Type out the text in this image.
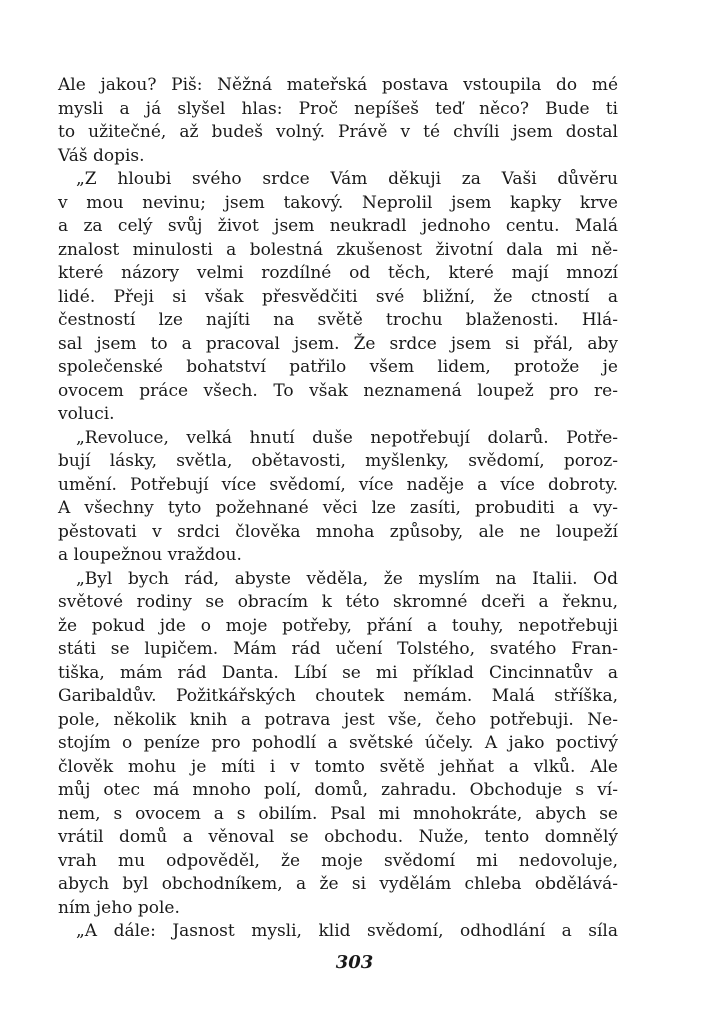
Ale jakou? Piš: Něžná mateřská postava vstoupila do mé
mysli a já slyšel hlas: Proč nepíšeš teď něco? Bude ti
to užitečné, až budeš volný. Právě v té chvíli jsem dostal
Váš dopis.

„Z hloubi svého srdce Vám děkuji za Vaši důvěru
v mou nevinu; jsem takový. Neprolil jsem kapky krve
a za celý svůj život jsem neukradl jednoho centu. Malá
znalost minulosti a bolestná zkušenost životní dala mi ně-
které názory velmi rozdílné od těch, které mají mnozí
lidé. Přeji si však přesvědčiti své bližní, že ctností a
čestností lze najíti na světě trochu blaženosti. Hlá-
sal jsem to a pracoval jsem. Že srdce jsem si přál, aby
společenské bohatství patřilo všem lidem, protože je
ovocem práce všech. To však neznamená loupež pro re-
voluci.

„Revoluce, velká hnutí duše nepotřebují dolarů. Potře-
bují lásky, světla, obětavosti, myšlenky, svědomí, poroz-
umění. Potřebují více svědomí, více naděje a více dobroty.
A všechny tyto požehnané věci lze zasíti, probuditi a vy-
pěstovati v srdci člověka mnoha způsoby, ale ne loupeží
a loupežnou vraždou.

„Byl bych rád, abyste věděla, že myslím na Italii. Od
světové rodiny se obracím k této skromné dceři a řeknu,
že pokud jde o moje potřeby, přání a touhy, nepotřebuji
státi se lupičem. Mám rád učení Tolstého, svatého Fran-
tiška, mám rád Danta. Líbí se mi příklad Cincinnatův a
Garibaldův. Požitkářských choutek nemám. Malá stříška,
pole, několik knih a potrava jest vše, čeho potřebuji. Ne-
stojím o peníze pro pohodlí a světské účely. A jako poctivý
člověk mohu je míti i v tomto světě jehňat a vlků. Ale
můj otec má mnoho polí, domů, zahradu. Obchoduje s ví-
nem, s ovocem a s obilím. Psal mi mnohokráte, abych se
vrátil domů a věnoval se obchodu. Nuže, tento domnělý
vrah mu odpověděl, že moje svědomí mi nedovoluje,
abych byl obchodníkem, a že si vydělám chleba obdělává-
ním jeho pole.

„A dále: Jasnost mysli, klid svědomí, odhodlání a síla

303
